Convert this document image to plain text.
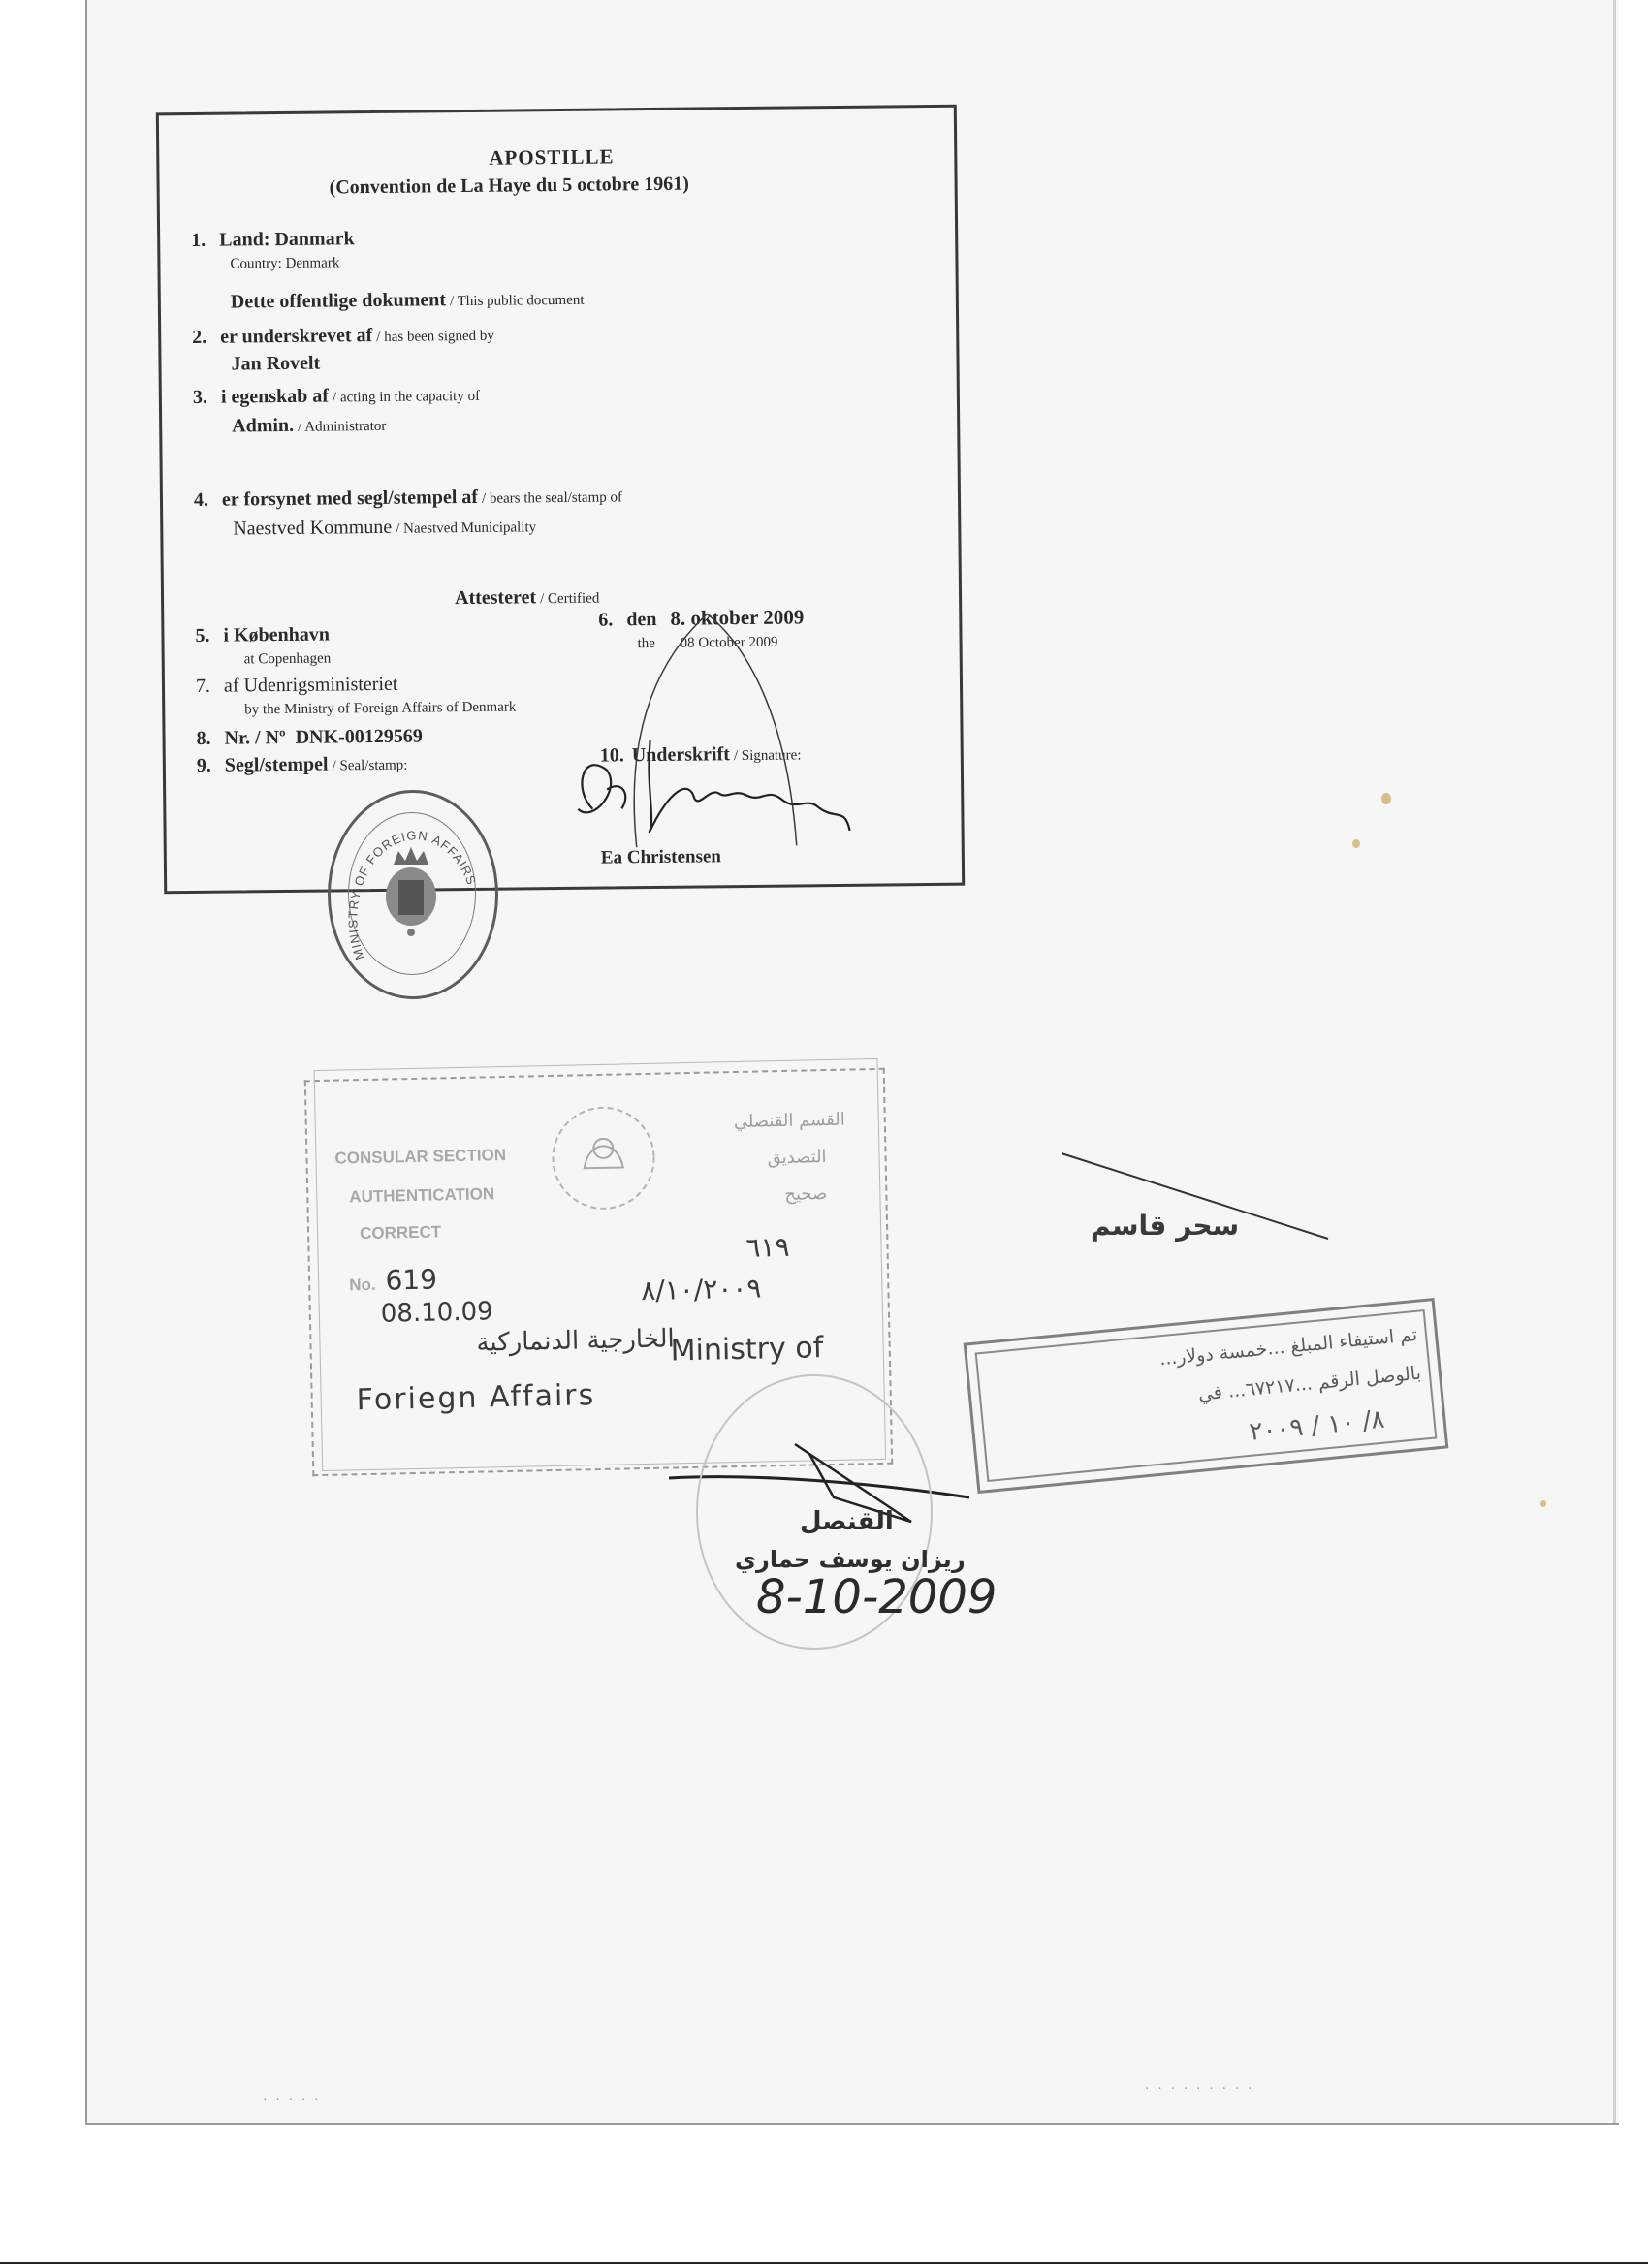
APOSTILLE
(Convention de La Haye du 5 octobre 1961)
1. Land: Danmark
Country: Denmark
Dette offentlige dokument / This public document
2. er underskrevet af / has been signed by
Jan Rovelt
3. i egenskab af / acting in the capacity of
Admin. / Administrator
4. er forsynet med segl/stempel af / bears the seal/stamp of
Naestved Kommune / Naestved Municipality
Attesteret / Certified
5. i København
at Copenhagen
6. den 8. oktober 2009
the 08 October 2009
7. af Udenrigsministeriet
by the Ministry of Foreign Affairs of Denmark
8. Nr. / Nº DNK-00129569
9. Segl/stempel / Seal/stamp:	10. Underskrift / Signature:
Ea Christensen
MINISTRY OF FOREIGN AFFAIRS
CONSULAR SECTION
AUTHENTICATION
CORRECT
القسم القنصلي
التصديق
صحيح
No. 619
٦١٩
08.10.09
٨/١٠/٢٠٠٩
الخارجية الدنماركية
Ministry of
Foriegn Affairs
سحر قاسم
تم استيفاء المبلغ ...خمسة دولار...
بالوصل الرقم ...٦٧٢١٧... في
٨/ ١٠ / ٢٠٠٩
القنصل
ريزان يوسف حماري
8-10-2009
· · · · ·
· · · · · · · · ·
